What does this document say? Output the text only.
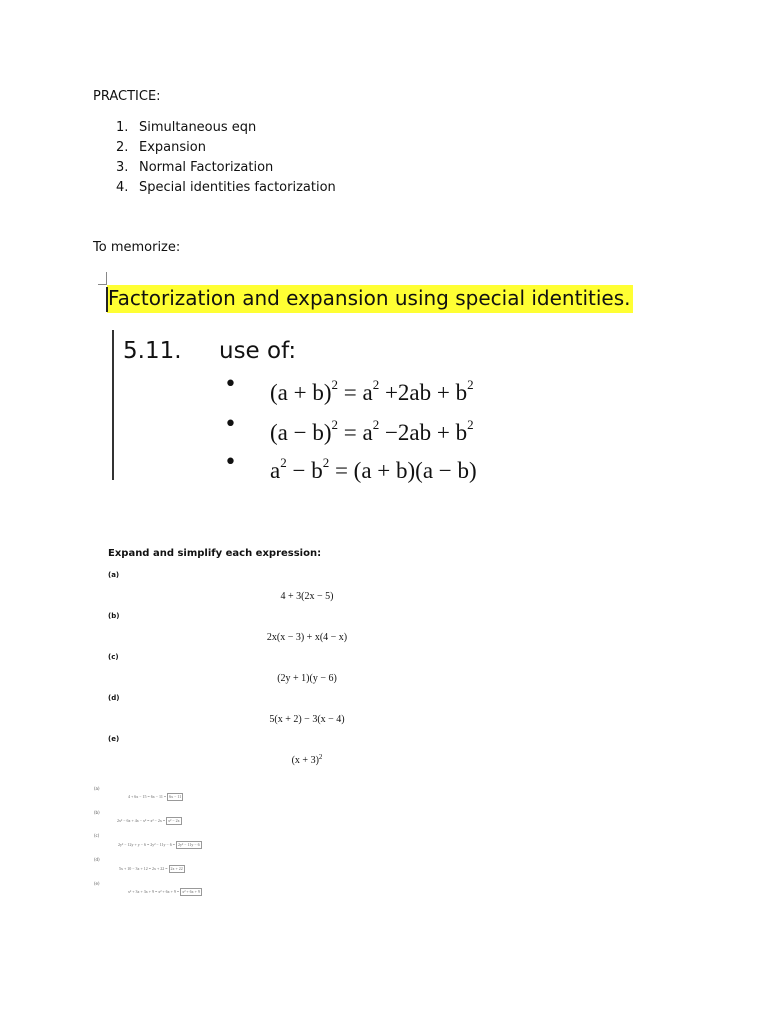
PRACTICE:
1. Simultaneous eqn
2. Expansion
3. Normal Factorization
4. Special identities factorization
To memorize:
Factorization and expansion using special identities.
5.11. use of:
• $(a + b)^2 = a^2 +2ab + b^2$
• $(a - b)^2 = a^2 -2ab + b^2$
• $a^2 - b^2 = (a + b)(a - b)$
Expand and simplify each expression:
(a)
4 + 3(2x − 5)
(b)
2x(x − 3) + x(4 − x)
(c)
(2y + 1)(y − 6)
(d)
5(x + 2) − 3(x − 4)
(e)
$(x + 3)^2$
(a)
4 + 6x − 15 = 6x − 11 = 6x − 11
(b)
2x² − 6x + 4x − x² = x² − 2x = x² − 2x
(c)
2y² − 12y + y − 6 = 2y² − 11y − 6 = 2y² − 11y − 6
(d)
5x + 10 − 3x + 12 = 2x + 22 = 2x + 22
(e)
x² + 3x + 3x + 9 = x² + 6x + 9 = x² + 6x + 9
